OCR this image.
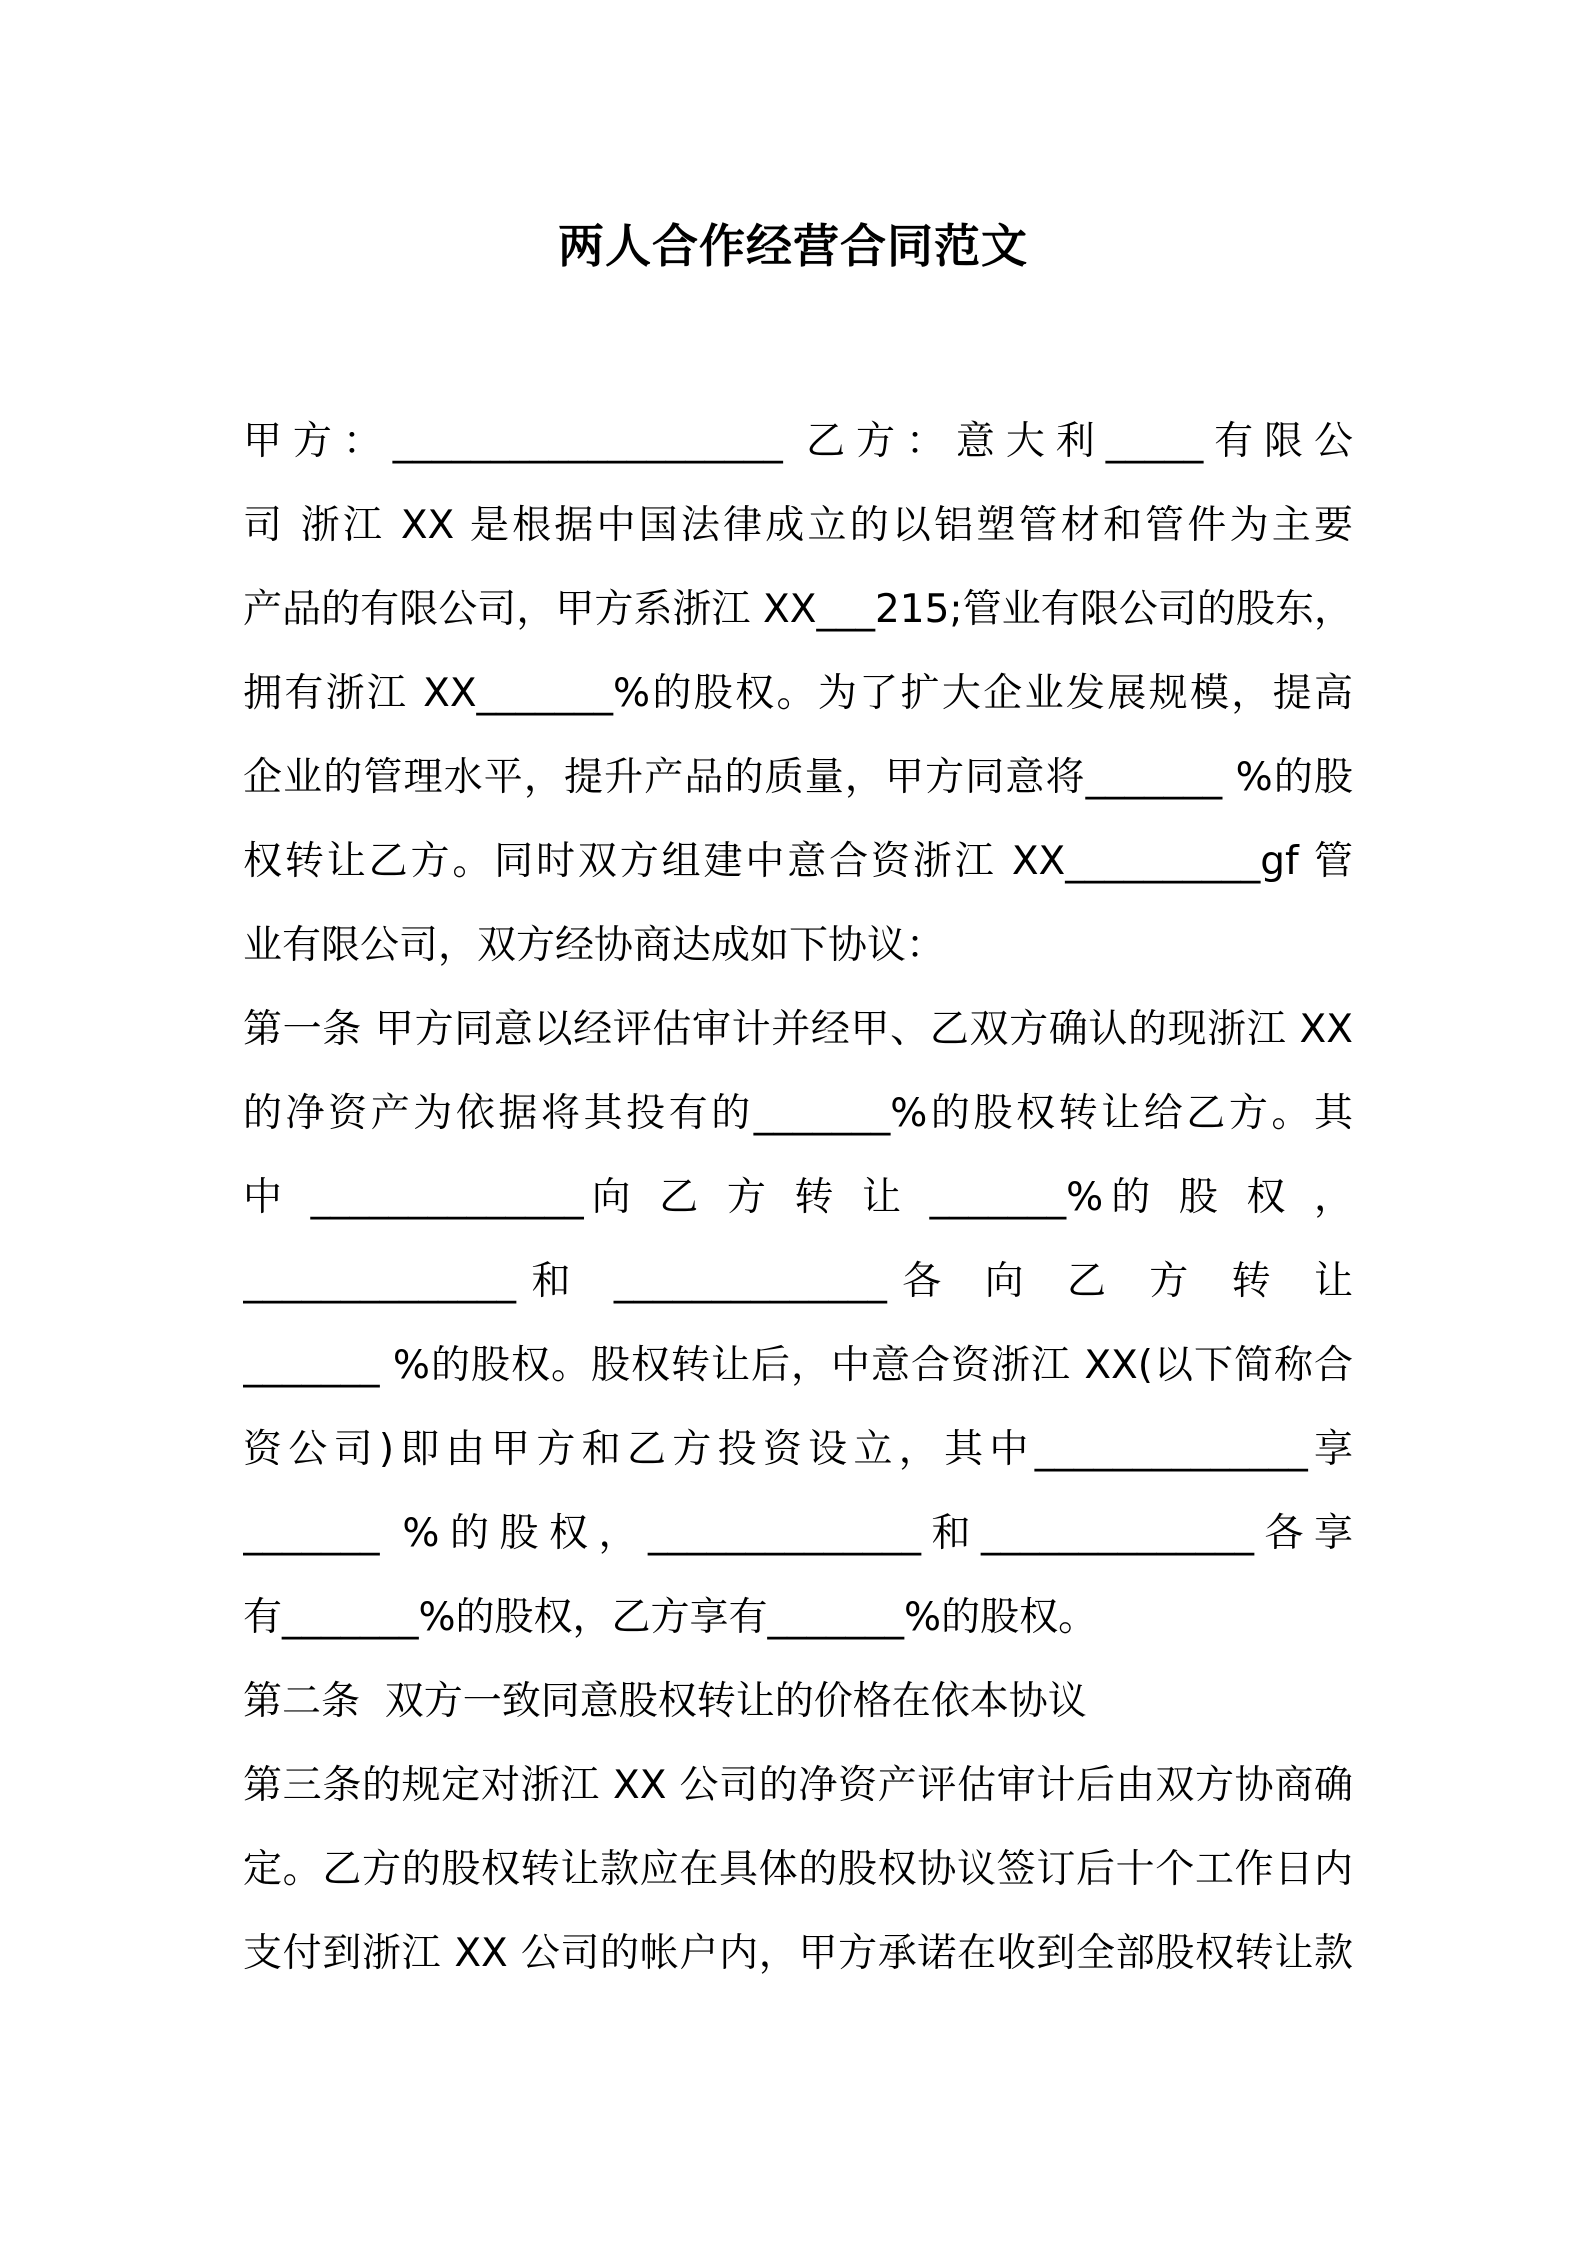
两人合作经营合同范文
甲方：____________________ 乙方：意大利_____有限公
司 浙江 XX 是根据中国法律成立的以铝塑管材和管件为主要
产品的有限公司，甲方系浙江 XX___215;管业有限公司的股东，
拥有浙江 XX_______%的股权。为了扩大企业发展规模，提高
企业的管理水平，提升产品的质量，甲方同意将_______ %的股
权转让乙方。同时双方组建中意合资浙江 XX__________gf 管
业有限公司，双方经协商达成如下协议：
第一条 甲方同意以经评估审计并经甲、乙双方确认的现浙江 XX
的净资产为依据将其投有的_______%的股权转让给乙方。其
中 ______________向 乙 方 转 让 _______%的 股 权 ，
______________和 ______________各 向 乙 方 转 让
_______ %的股权。股权转让后，中意合资浙江 XX(以下简称合
资公司)即由甲方和乙方投资设立，其中______________享
_______ %的股权，______________和______________各享
有_______%的股权，乙方享有_______%的股权。
第二条  双方一致同意股权转让的价格在依本协议
第三条的规定对浙江 XX 公司的净资产评估审计后由双方协商确
定。乙方的股权转让款应在具体的股权协议签订后十个工作日内
支付到浙江 XX 公司的帐户内，甲方承诺在收到全部股权转让款
